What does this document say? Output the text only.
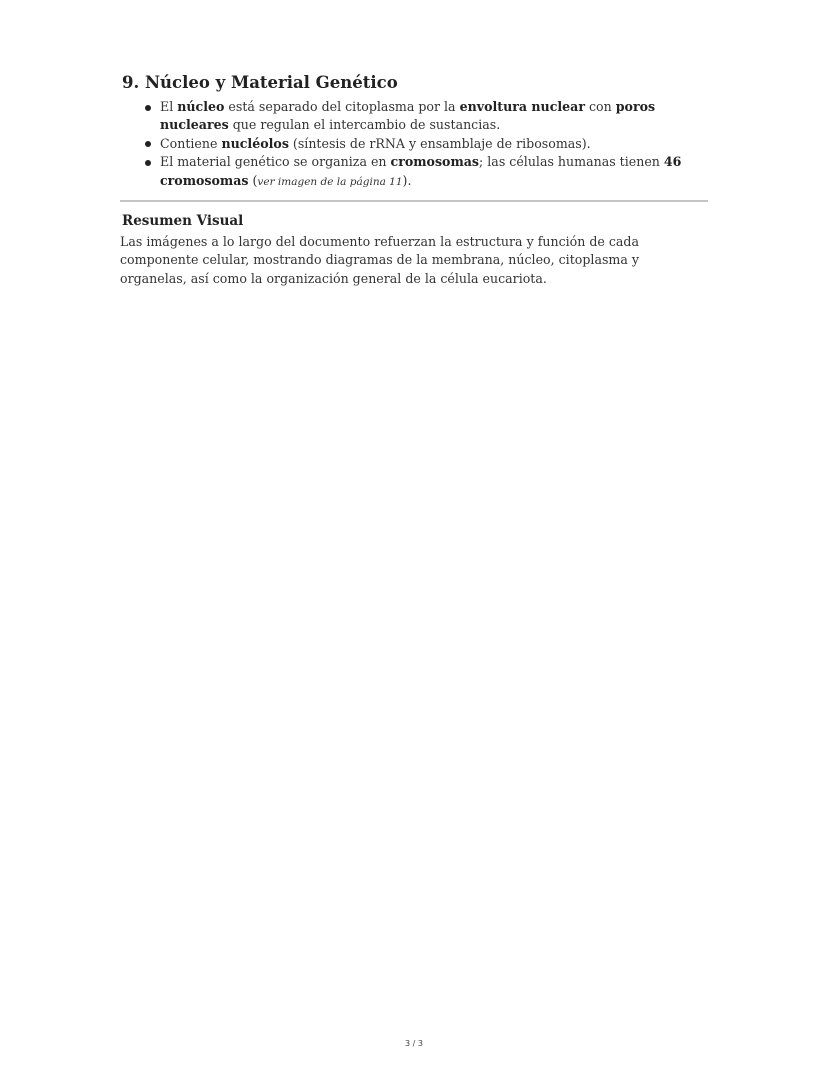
9. Núcleo y Material Genético
El núcleo está separado del citoplasma por la envoltura nuclear con poros nucleares que regulan el intercambio de sustancias.
Contiene nucléolos (síntesis de rRNA y ensamblaje de ribosomas).
El material genético se organiza en cromosomas; las células humanas tienen 46 cromosomas (ver imagen de la página 11).
Resumen Visual

Las imágenes a lo largo del documento refuerzan la estructura y función de cada componente celular, mostrando diagramas de la membrana, núcleo, citoplasma y organelas, así como la organización general de la célula eucariota.

3 / 3
